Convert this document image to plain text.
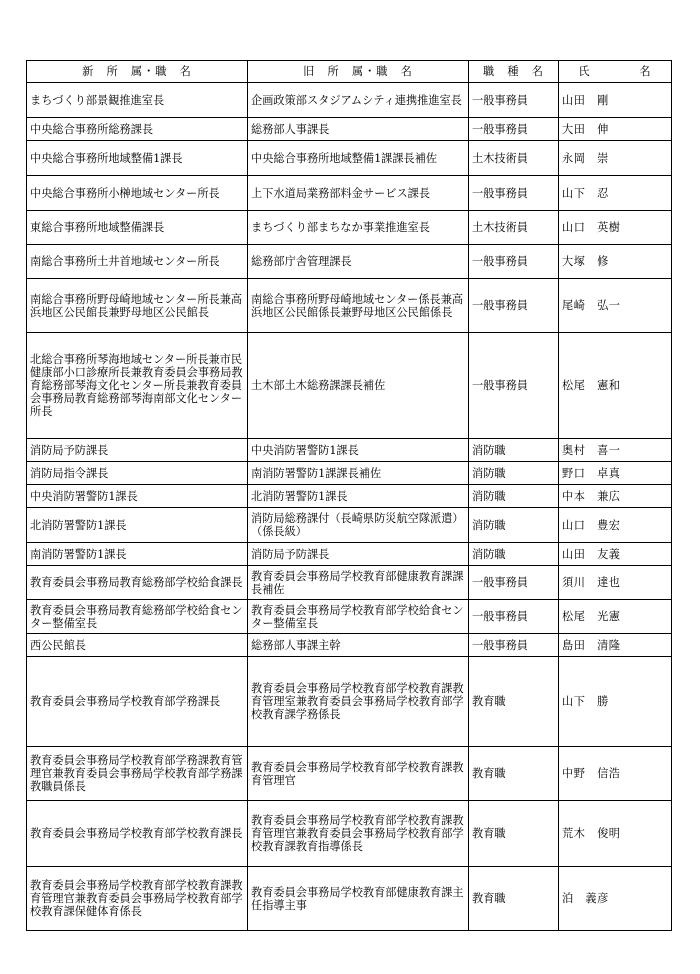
新　所　属・職　名	旧　所　属・職　名	職　種　名	氏　　　　名
まちづくり部景観推進室長	企画政策部スタジアムシティ連携推進室長	一般事務員	山田　剛
中央総合事務所総務課長	総務部人事課長	一般事務員	大田　伸
中央総合事務所地域整備1課長	中央総合事務所地域整備1課課長補佐	土木技術員	永岡　崇
中央総合事務所小榊地域センター所長	上下水道局業務部料金サービス課長	一般事務員	山下　忍
東総合事務所地域整備課長	まちづくり部まちなか事業推進室長	土木技術員	山口　英樹
南総合事務所土井首地域センター所長	総務部庁舎管理課長	一般事務員	大塚　修
南総合事務所野母崎地域センター所長兼高浜地区公民館長兼野母地区公民館長	南総合事務所野母崎地域センター係長兼高浜地区公民館係長兼野母地区公民館係長	一般事務員	尾崎　弘一
北総合事務所琴海地域センター所長兼市民健康部小口診療所長兼教育委員会事務局教育総務部琴海文化センター所長兼教育委員会事務局教育総務部琴海南部文化センター所長	土木部土木総務課課長補佐	一般事務員	松尾　憲和
消防局予防課長	中央消防署警防1課長	消防職	奥村　喜一
消防局指令課長	南消防署警防1課課長補佐	消防職	野口　卓真
中央消防署警防1課長	北消防署警防1課長	消防職	中本　兼広
北消防署警防1課長	消防局総務課付（長崎県防災航空隊派遣）（係長級）	消防職	山口　豊宏
南消防署警防1課長	消防局予防課長	消防職	山田　友義
教育委員会事務局教育総務部学校給食課長	教育委員会事務局学校教育部健康教育課課長補佐	一般事務員	須川　達也
教育委員会事務局教育総務部学校給食センター整備室長	教育委員会事務局学校教育部学校給食センター整備室長	一般事務員	松尾　光憲
西公民館長	総務部人事課主幹	一般事務員	島田　清隆
教育委員会事務局学校教育部学務課長	教育委員会事務局学校教育部学校教育課教育管理室兼教育委員会事務局学校教育部学校教育課学務係長	教育職	山下　勝
教育委員会事務局学校教育部学務課教育管理官兼教育委員会事務局学校教育部学務課教職員係長	教育委員会事務局学校教育部学校教育課教育管理官	教育職	中野　信浩
教育委員会事務局学校教育部学校教育課長	教育委員会事務局学校教育部学校教育課教育管理官兼教育委員会事務局学校教育部学校教育課教育指導係長	教育職	荒木　俊明
教育委員会事務局学校教育部学校教育課教育管理官兼教育委員会事務局学校教育部学校教育課保健体育係長	教育委員会事務局学校教育部健康教育課主任指導主事	教育職	泊　義彦
